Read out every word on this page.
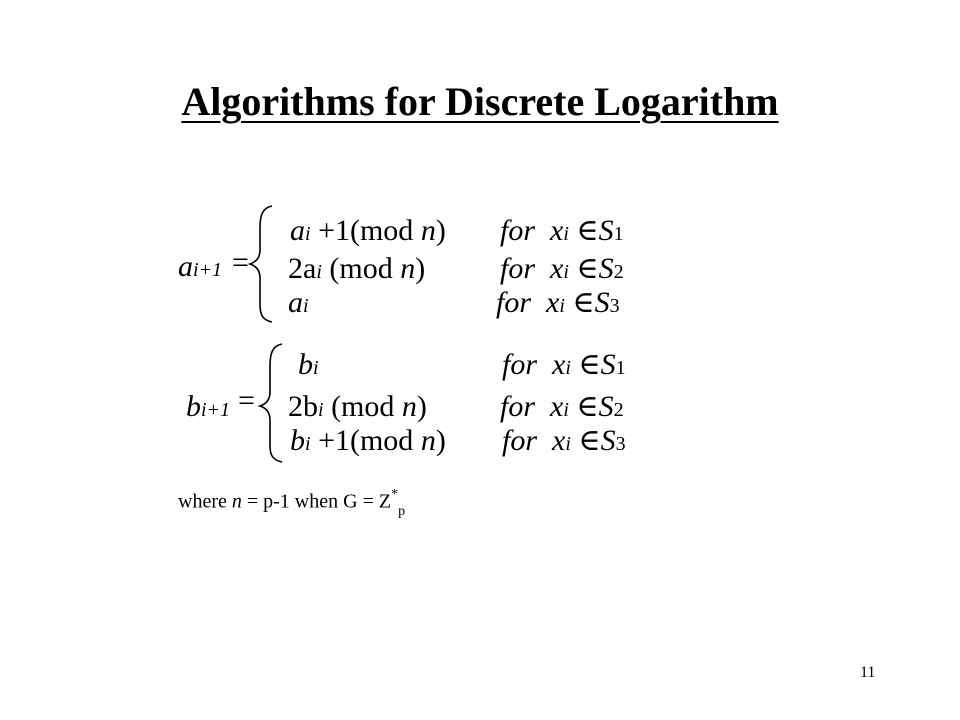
Algorithms for Discrete Logarithm
ai+1 =
ai +1(mod n) for xi ∈S1
2ai (mod n) for xi ∈S2
ai	for xi ∈S3
bi+1 =
bi	for xi ∈S1
2bi (mod n) for xi ∈S2
bi +1(mod n) for xi ∈S3
where n = p-1 when $G = Z^*_p$
11
